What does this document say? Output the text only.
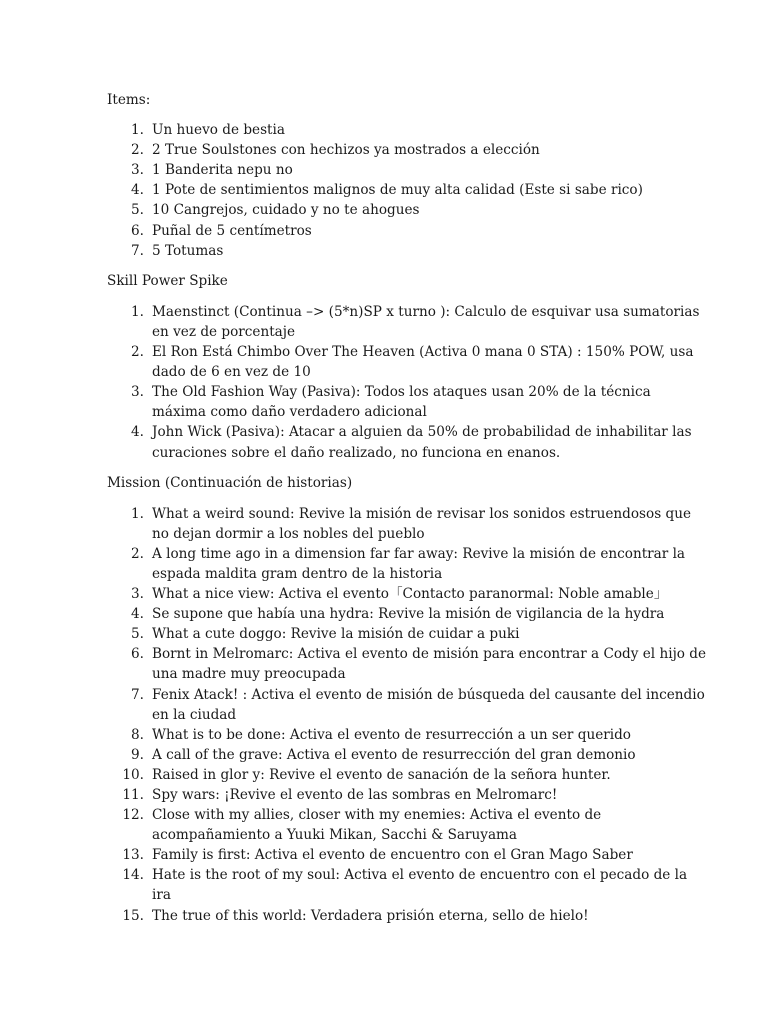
Items:

1. Un huevo de bestia
2. 2 True Soulstones con hechizos ya mostrados a elección
3. 1 Banderita nepu no
4. 1 Pote de sentimientos malignos de muy alta calidad (Este si sabe rico)
5. 10 Cangrejos, cuidado y no te ahogues
6. Puñal de 5 centímetros
7. 5 Totumas

Skill Power Spike

1. Maenstinct (Continua –> (5*n)SP x turno ): Calculo de esquivar usa sumatorias en vez de porcentaje
2. El Ron Está Chimbo Over The Heaven (Activa 0 mana 0 STA) : 150% POW, usa dado de 6 en vez de 10
3. The Old Fashion Way (Pasiva): Todos los ataques usan 20% de la técnica máxima como daño verdadero adicional
4. John Wick (Pasiva): Atacar a alguien da 50% de probabilidad de inhabilitar las curaciones sobre el daño realizado, no funciona en enanos.

Mission (Continuación de historias)

1. What a weird sound: Revive la misión de revisar los sonidos estruendosos que no dejan dormir a los nobles del pueblo
2. A long time ago in a dimension far far away: Revive la misión de encontrar la espada maldita gram dentro de la historia
3. What a nice view: Activa el evento「Contacto paranormal: Noble amable」
4. Se supone que había una hydra: Revive la misión de vigilancia de la hydra
5. What a cute doggo: Revive la misión de cuidar a puki
6. Bornt in Melromarc: Activa el evento de misión para encontrar a Cody el hijo de una madre muy preocupada
7. Fenix Atack! : Activa el evento de misión de búsqueda del causante del incendio en la ciudad
8. What is to be done: Activa el evento de resurrección a un ser querido
9. A call of the grave: Activa el evento de resurrección del gran demonio
10. Raised in glor y: Revive el evento de sanación de la señora hunter.
11. Spy wars: ¡Revive el evento de las sombras en Melromarc!
12. Close with my allies, closer with my enemies: Activa el evento de acompañamiento a Yuuki Mikan, Sacchi & Saruyama
13. Family is first: Activa el evento de encuentro con el Gran Mago Saber
14. Hate is the root of my soul: Activa el evento de encuentro con el pecado de la ira
15. The true of this world: Verdadera prisión eterna, sello de hielo!
